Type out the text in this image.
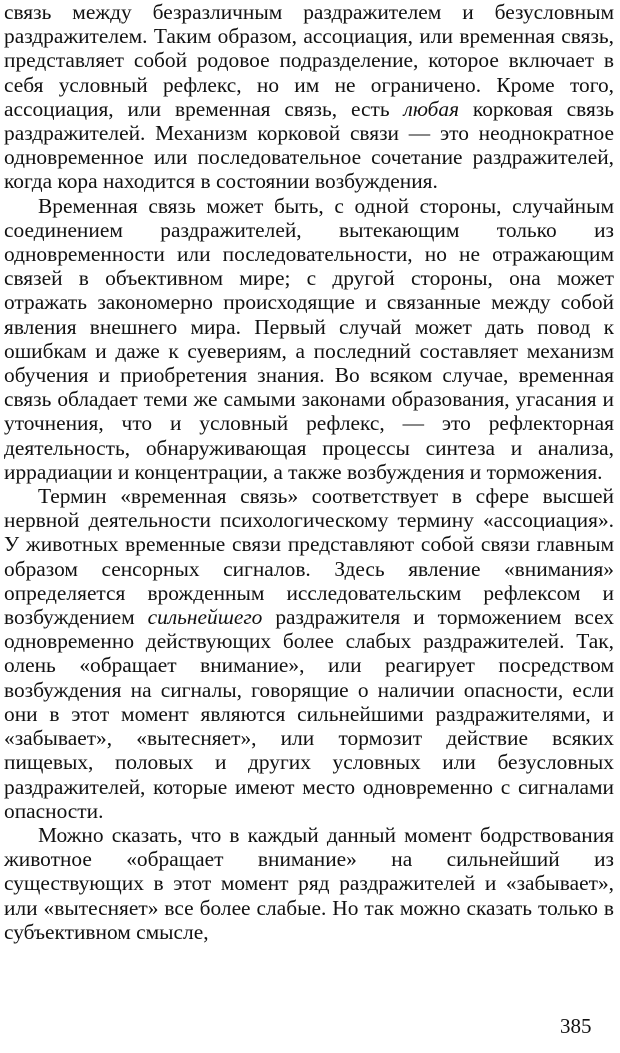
связь между безразличным раздражителем и безусловным раздражителем. Таким образом, ассоциация, или временная связь, представляет собой родовое подразделение, которое включает в себя условный рефлекс, но им не ограничено. Кроме того, ассоциация, или временная связь, есть любая корковая связь раздражителей. Механизм корковой связи — это неоднократное одновременное или последовательное сочетание раздражителей, когда кора находится в состоянии возбуждения.

Временная связь может быть, с одной стороны, случайным соединением раздражителей, вытекающим только из одновременности или последовательности, но не отражающим связей в объективном мире; с другой стороны, она может отражать закономерно происходящие и связанные между собой явления внешнего мира. Первый случай может дать повод к ошибкам и даже к суевериям, а последний составляет механизм обучения и приобретения знания. Во всяком случае, временная связь обладает теми же самыми законами образования, угасания и уточнения, что и условный рефлекс, — это рефлекторная деятельность, обнаруживающая процессы синтеза и анализа, иррадиации и концентрации, а также возбуждения и торможения.

Термин «временная связь» соответствует в сфере высшей нервной деятельности психологическому термину «ассоциация». У животных временные связи представляют собой связи главным образом сенсорных сигналов. Здесь явление «внимания» определяется врожденным исследовательским рефлексом и возбуждением сильнейшего раздражителя и торможением всех одновременно действующих более слабых раздражителей. Так, олень «обращает внимание», или реагирует посредством возбуждения на сигналы, говорящие о наличии опасности, если они в этот момент являются сильнейшими раздражителями, и «забывает», «вытесняет», или тормозит действие всяких пищевых, половых и других условных или безусловных раздражителей, которые имеют место одновременно с сигналами опасности.

Можно сказать, что в каждый данный момент бодрствования животное «обращает внимание» на сильнейший из существующих в этот момент ряд раздражителей и «забывает», или «вытесняет» все более слабые. Но так можно сказать только в субъективном смысле,

385
